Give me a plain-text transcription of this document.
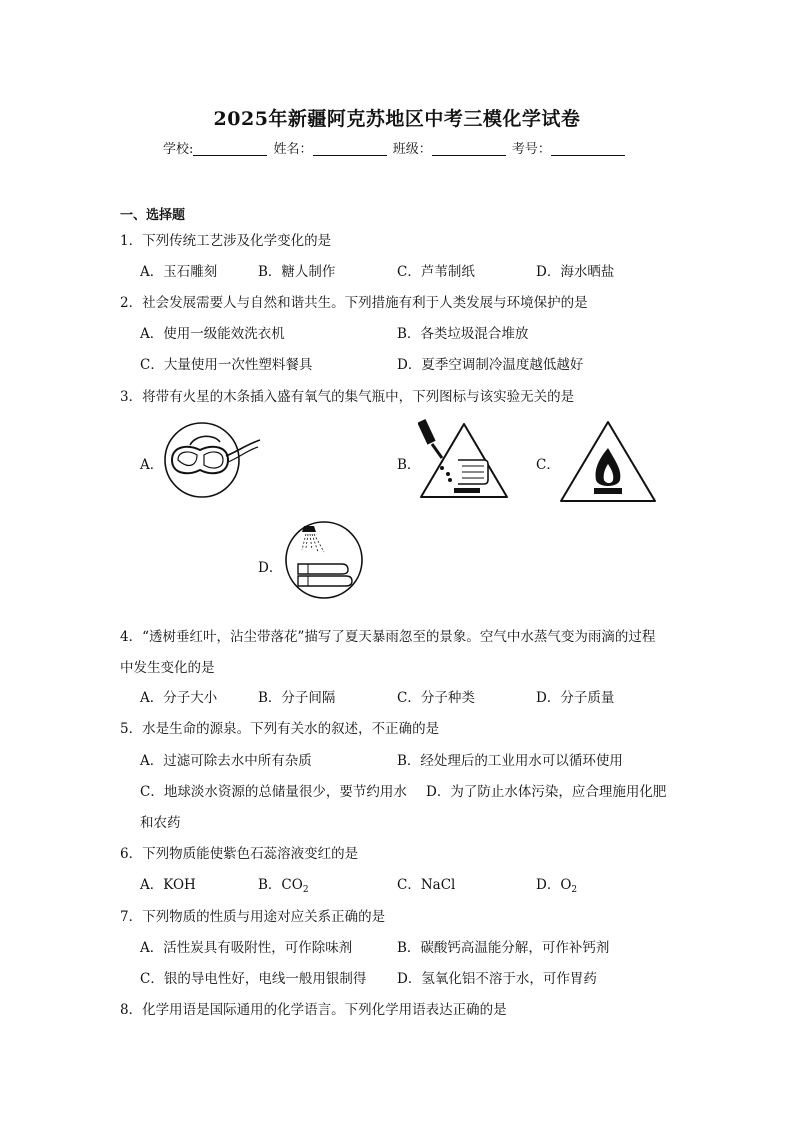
2025年新疆阿克苏地区中考三模化学试卷
学校:	姓名：	班级：	考号：
一、选择题
1．下列传统工艺涉及化学变化的是
A．玉石雕刻	B．糖人制作	C．芦苇制纸	D．海水晒盐
2．社会发展需要人与自然和谐共生。下列措施有利于人类发展与环境保护的是
A．使用一级能效洗衣机	B．各类垃圾混合堆放
C．大量使用一次性塑料餐具	D．夏季空调制冷温度越低越好
3．将带有火星的木条插入盛有氧气的集气瓶中，下列图标与该实验无关的是
A．	B．	C．
D．
4．“透树垂红叶，沾尘带落花”描写了夏天暴雨忽至的景象。空气中水蒸气变为雨滴的过程
中发生变化的是
A．分子大小	B．分子间隔	C．分子种类	D．分子质量
5．水是生命的源泉。下列有关水的叙述，不正确的是
A．过滤可除去水中所有杂质	B．经处理后的工业用水可以循环使用
C．地球淡水资源的总储量很少，要节约用水 D．为了防止水体污染，应合理施用化肥
和农药
6．下列物质能使紫色石蕊溶液变红的是
A．KOH	B．$CO_2$	C．NaCl	D．$O_2$
7．下列物质的性质与用途对应关系正确的是
A．活性炭具有吸附性，可作除味剂	B．碳酸钙高温能分解，可作补钙剂
C．银的导电性好，电线一般用银制得 D．氢氧化铝不溶于水，可作胃药
8．化学用语是国际通用的化学语言。下列化学用语表达正确的是
